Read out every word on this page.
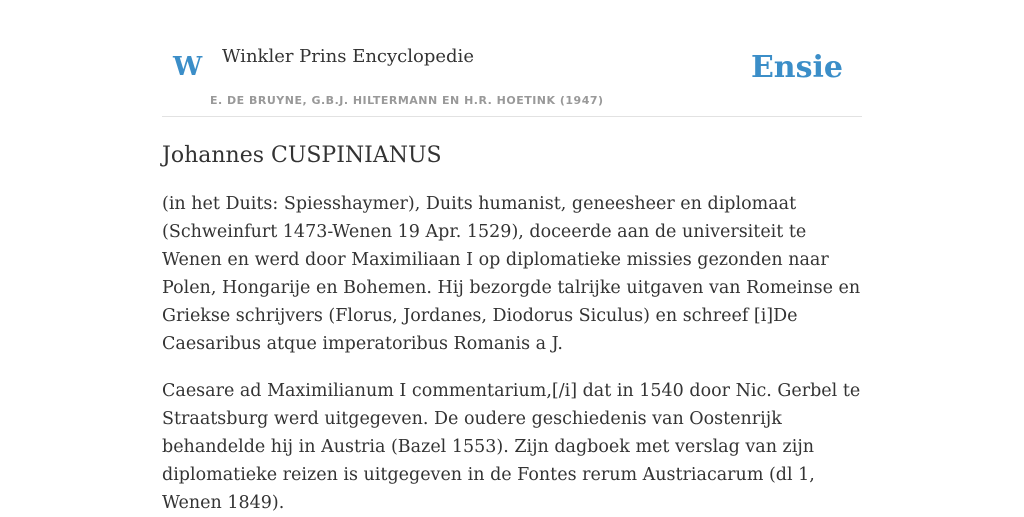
W Winkler Prins Encyclopedie
E. DE BRUYNE, G.B.J. HILTERMANN EN H.R. HOETINK (1947)
Ensie
Johannes CUSPINIANUS

(in het Duits: Spiesshaymer), Duits humanist, geneesheer en diplomaat (Schweinfurt 1473-Wenen 19 Apr. 1529), doceerde aan de universiteit te Wenen en werd door Maximiliaan I op diplomatieke missies gezonden naar Polen, Hongarije en Bohemen. Hij bezorgde talrijke uitgaven van Romeinse en Griekse schrijvers (Florus, Jordanes, Diodorus Siculus) en schreef [i]De Caesaribus atque imperatoribus Romanis a J.

Caesare ad Maximilianum I commentarium,[/i] dat in 1540 door Nic. Gerbel te Straatsburg werd uitgegeven. De oudere geschiedenis van Oostenrijk behandelde hij in Austria (Bazel 1553). Zijn dagboek met verslag van zijn diplomatieke reizen is uitgegeven in de Fontes rerum Austriacarum (dl 1, Wenen 1849).
